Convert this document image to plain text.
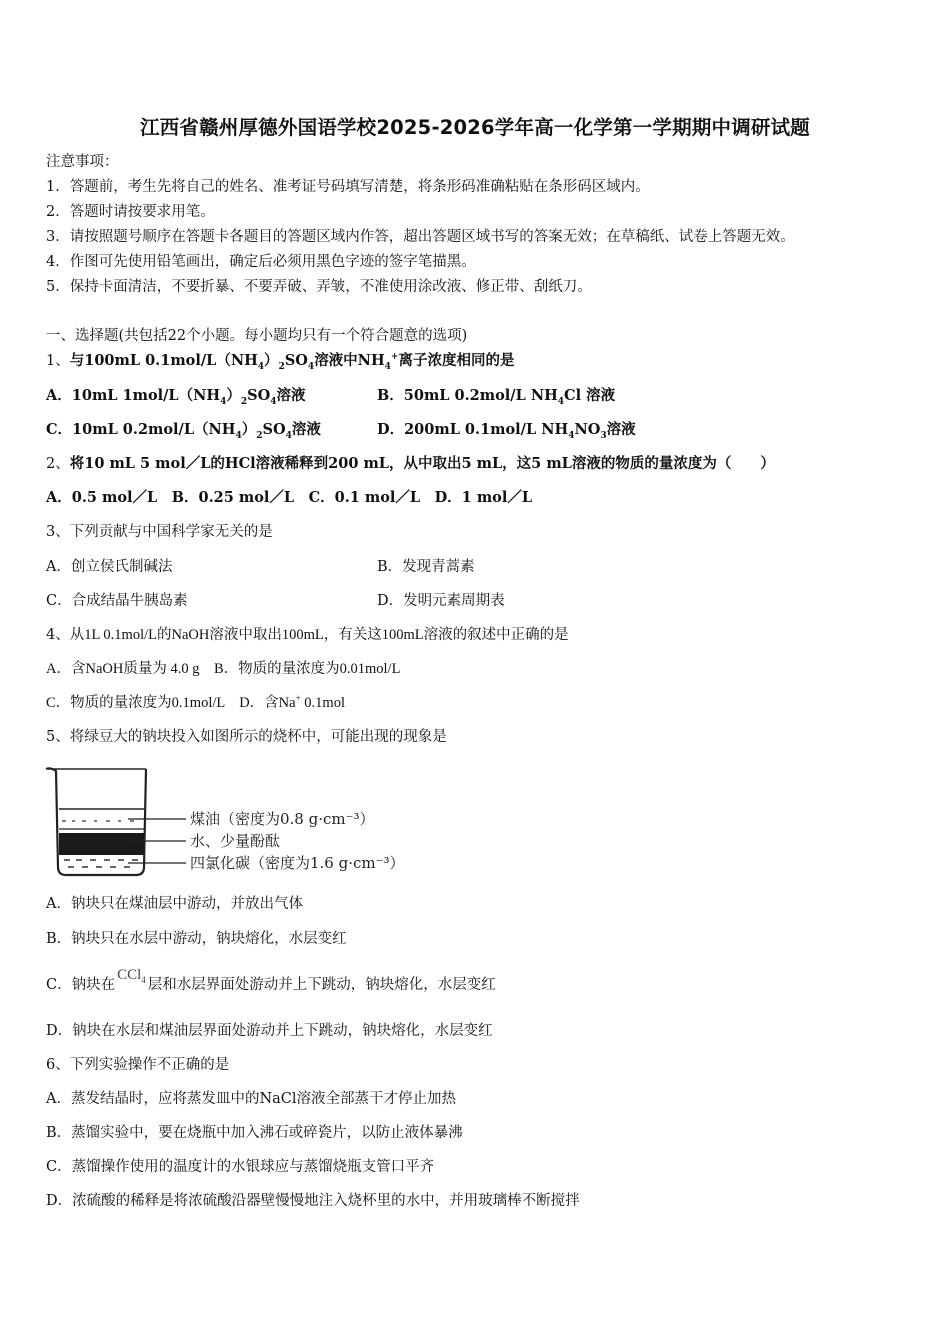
江西省赣州厚德外国语学校2025-2026学年高一化学第一学期期中调研试题
注意事项：
1．答题前，考生先将自己的姓名、准考证号码填写清楚，将条形码准确粘贴在条形码区域内。
2．答题时请按要求用笔。
3．请按照题号顺序在答题卡各题目的答题区域内作答，超出答题区域书写的答案无效；在草稿纸、试卷上答题无效。
4．作图可先使用铅笔画出，确定后必须用黑色字迹的签字笔描黑。
5．保持卡面清洁，不要折暴、不要弄破、弄皱，不准使用涂改液、修正带、刮纸刀。
一、选择题(共包括22个小题。每小题均只有一个符合题意的选项)
1、与100mL $0.1mol/L(NH_4)_2SO_4$溶液中$NH_4^+$离子浓度相同的是
A．10mL $1mol/L(NH_4)_2SO_4$溶液	B．50mL 0.2mol/L $NH_4Cl$ 溶液
C．10mL $0.2mol/L(NH_4)_2SO_4$溶液	D．200mL 0.1mol/L $NH_4NO_3$溶液
2、将10 mL 5 mol／L的HCl溶液稀释到200 mL，从中取出5 mL，这5 mL溶液的物质的量浓度为（　　）
A．0.5 mol／L　B．0.25 mol／L　C．0.1 mol／L　D．1 mol／L
3、下列贡献与中国科学家无关的是
A．创立侯氏制碱法	B．发现青蒿素
C．合成结晶牛胰岛素	D．发明元素周期表
4、从1L 0.1mol/L的NaOH溶液中取出100mL，有关这100mL溶液的叙述中正确的是
A．含NaOH质量为 4.0 g　B．物质的量浓度为0.01mol/L
C．物质的量浓度为0.1mol/L　D．含Na+ 0.1mol
5、将绿豆大的钠块投入如图所示的烧杯中，可能出现的现象是
煤油（密度为0.8 g·cm⁻³）
水、少量酚酞
四氯化碳（密度为1.6 g·cm⁻³）
A．钠块只在煤油层中游动，并放出气体
B．钠块只在水层中游动，钠块熔化，水层变红
C．钠块在CCl$_4$ 层和水层界面处游动并上下跳动，钠块熔化，水层变红
D．钠块在水层和煤油层界面处游动并上下跳动，钠块熔化，水层变红
6、下列实验操作不正确的是
A．蒸发结晶时，应将蒸发皿中的NaCl溶液全部蒸干才停止加热
B．蒸馏实验中，要在烧瓶中加入沸石或碎瓷片，以防止液体暴沸
C．蒸馏操作使用的温度计的水银球应与蒸馏烧瓶支管口平齐
D．浓硫酸的稀释是将浓硫酸沿器壁慢慢地注入烧杯里的水中，并用玻璃棒不断搅拌
